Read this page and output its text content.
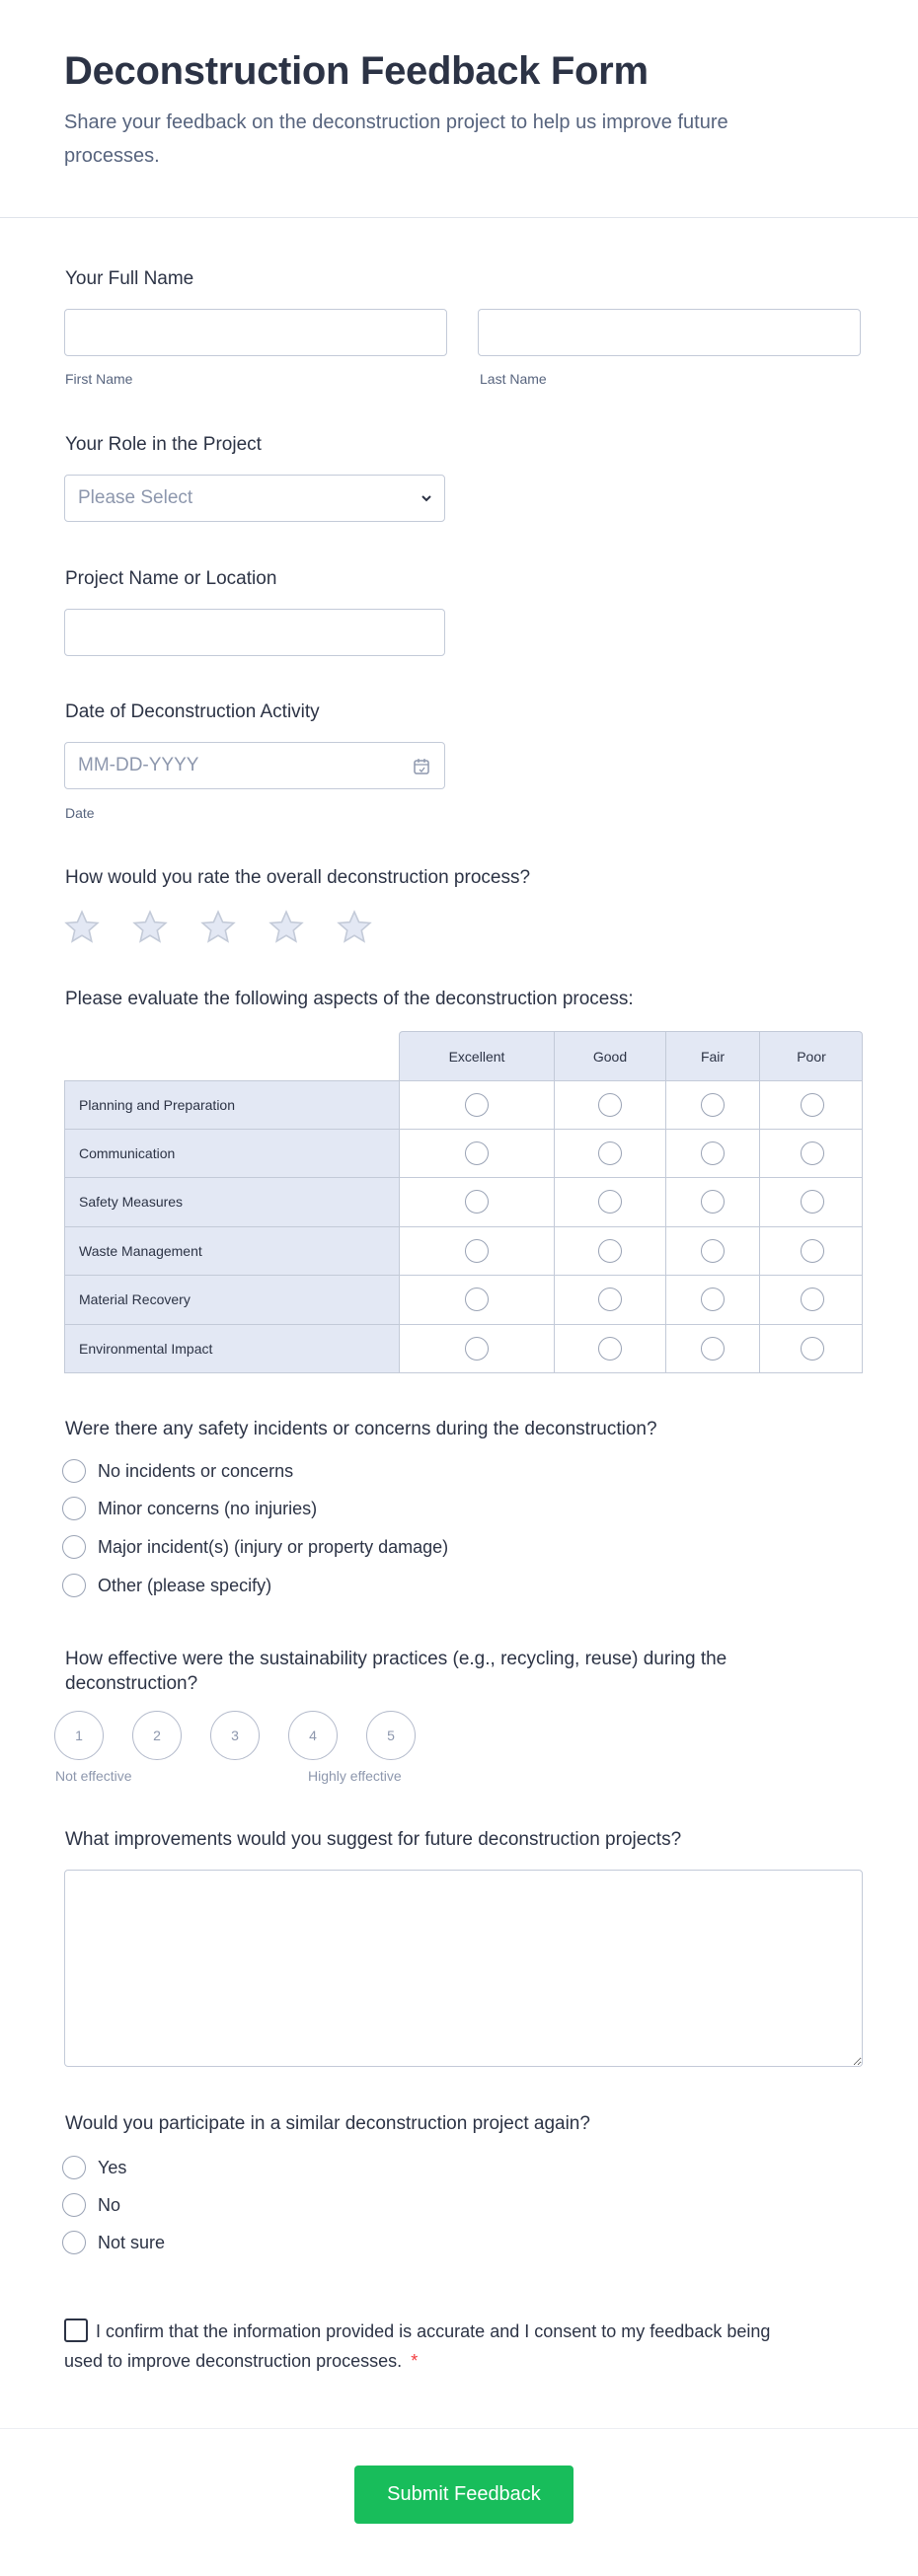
Deconstruction Feedback Form
Share your feedback on the deconstruction project to help us improve future processes.
Your Full Name
First Name	Last Name
Your Role in the Project
Please Select
Project Name or Location
Date of Deconstruction Activity
MM-DD-YYYY
Date
How would you rate the overall deconstruction process?
Please evaluate the following aspects of the deconstruction process:
Excellent	Good	Fair	Poor
Planning and Preparation
Communication
Safety Measures
Waste Management
Material Recovery
Environmental Impact
Were there any safety incidents or concerns during the deconstruction?
No incidents or concerns
Minor concerns (no injuries)
Major incident(s) (injury or property damage)
Other (please specify)
How effective were the sustainability practices (e.g., recycling, reuse) during the deconstruction?
1	2	3	4	5
Not effective	Highly effective
What improvements would you suggest for future deconstruction projects?
Would you participate in a similar deconstruction project again?
Yes
No
Not sure
I confirm that the information provided is accurate and I consent to my feedback being used to improve deconstruction processes. *
Submit Feedback
